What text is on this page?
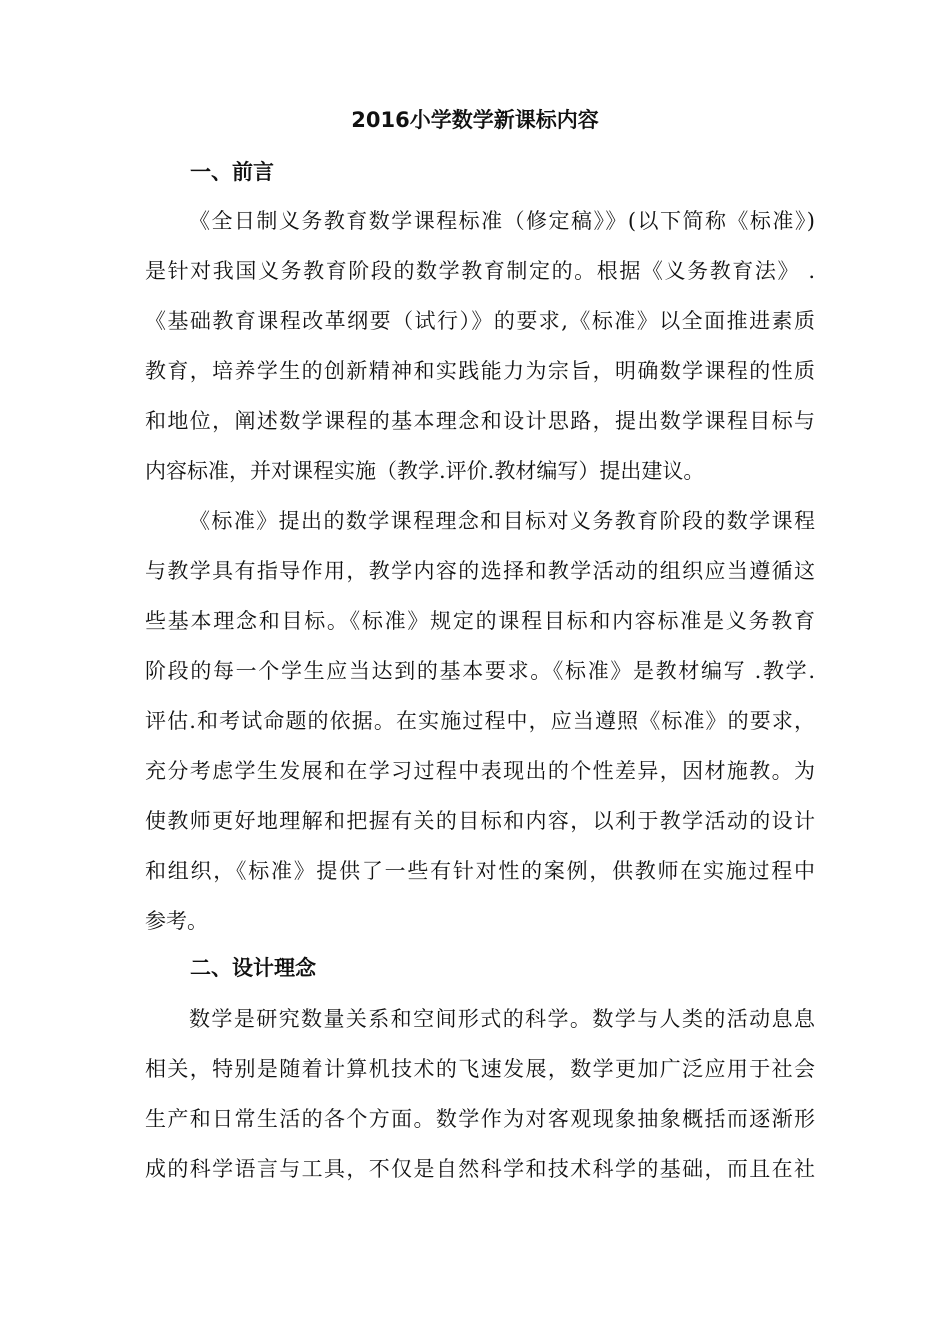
2016小学数学新课标内容
一、前言
《全日制义务教育数学课程标准（修定稿》》(以下简称《标准》)
是针对我国义务教育阶段的数学教育制定的。根据《义务教育法》 .
《基础教育课程改革纲要（试行）》的要求,《标准》以全面推进素质
教育，培养学生的创新精神和实践能力为宗旨，明确数学课程的性质
和地位，阐述数学课程的基本理念和设计思路，提出数学课程目标与
内容标准，并对课程实施（教学.评价.教材编写）提出建议。
《标准》提出的数学课程理念和目标对义务教育阶段的数学课程
与教学具有指导作用，教学内容的选择和教学活动的组织应当遵循这
些基本理念和目标。《标准》规定的课程目标和内容标准是义务教育
阶段的每一个学生应当达到的基本要求。《标准》是教材编写 .教学.
评估.和考试命题的依据。在实施过程中，应当遵照《标准》的要求，
充分考虑学生发展和在学习过程中表现出的个性差异，因材施教。为
使教师更好地理解和把握有关的目标和内容，以利于教学活动的设计
和组织，《标准》提供了一些有针对性的案例，供教师在实施过程中
参考。
二、设计理念
数学是研究数量关系和空间形式的科学。数学与人类的活动息息
相关，特别是随着计算机技术的飞速发展，数学更加广泛应用于社会
生产和日常生活的各个方面。数学作为对客观现象抽象概括而逐渐形
成的科学语言与工具，不仅是自然科学和技术科学的基础，而且在社
